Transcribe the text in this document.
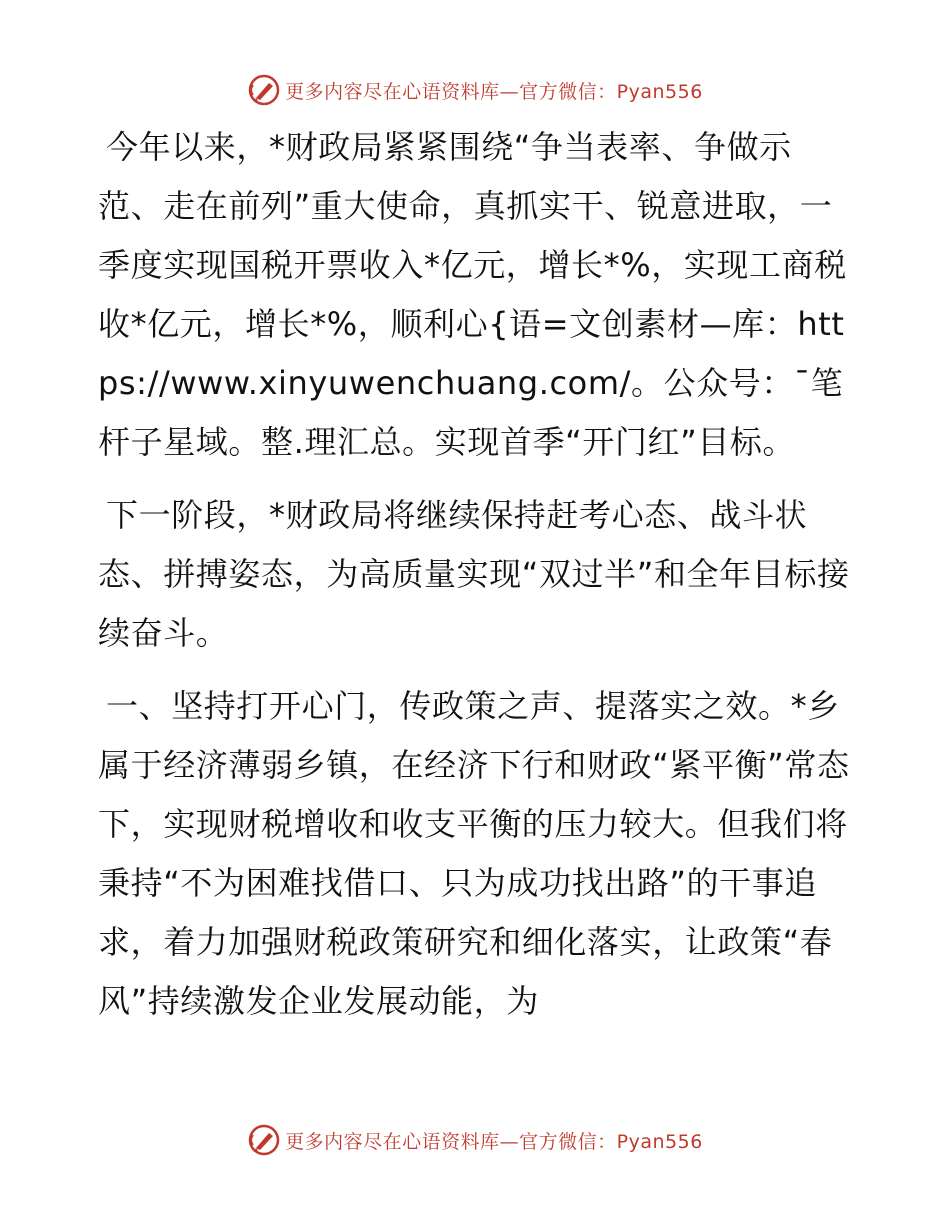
更多内容尽在心语资料库—官方微信：Pyan556

今年以来，*财政局紧紧围绕“争当表率、争做示范、走在前列”重大使命，真抓实干、锐意进取，一季度实现国税开票收入*亿元，增长*%，实现工商税收*亿元，增长*%，顺利心{语=文创素材—库：https://www.xinyuwenchuang.com/。公众号：¯笔杆子星域。整.理汇总。实现首季“开门红”目标。

下一阶段，*财政局将继续保持赶考心态、战斗状态、拼搏姿态，为高质量实现“双过半”和全年目标接续奋斗。

一、坚持打开心门，传政策之声、提落实之效。*乡属于经济薄弱乡镇，在经济下行和财政“紧平衡”常态下，实现财税增收和收支平衡的压力较大。但我们将秉持“不为困难找借口、只为成功找出路”的干事追求，着力加强财税政策研究和细化落实，让政策“春风”持续激发企业发展动能，为

更多内容尽在心语资料库—官方微信：Pyan556
